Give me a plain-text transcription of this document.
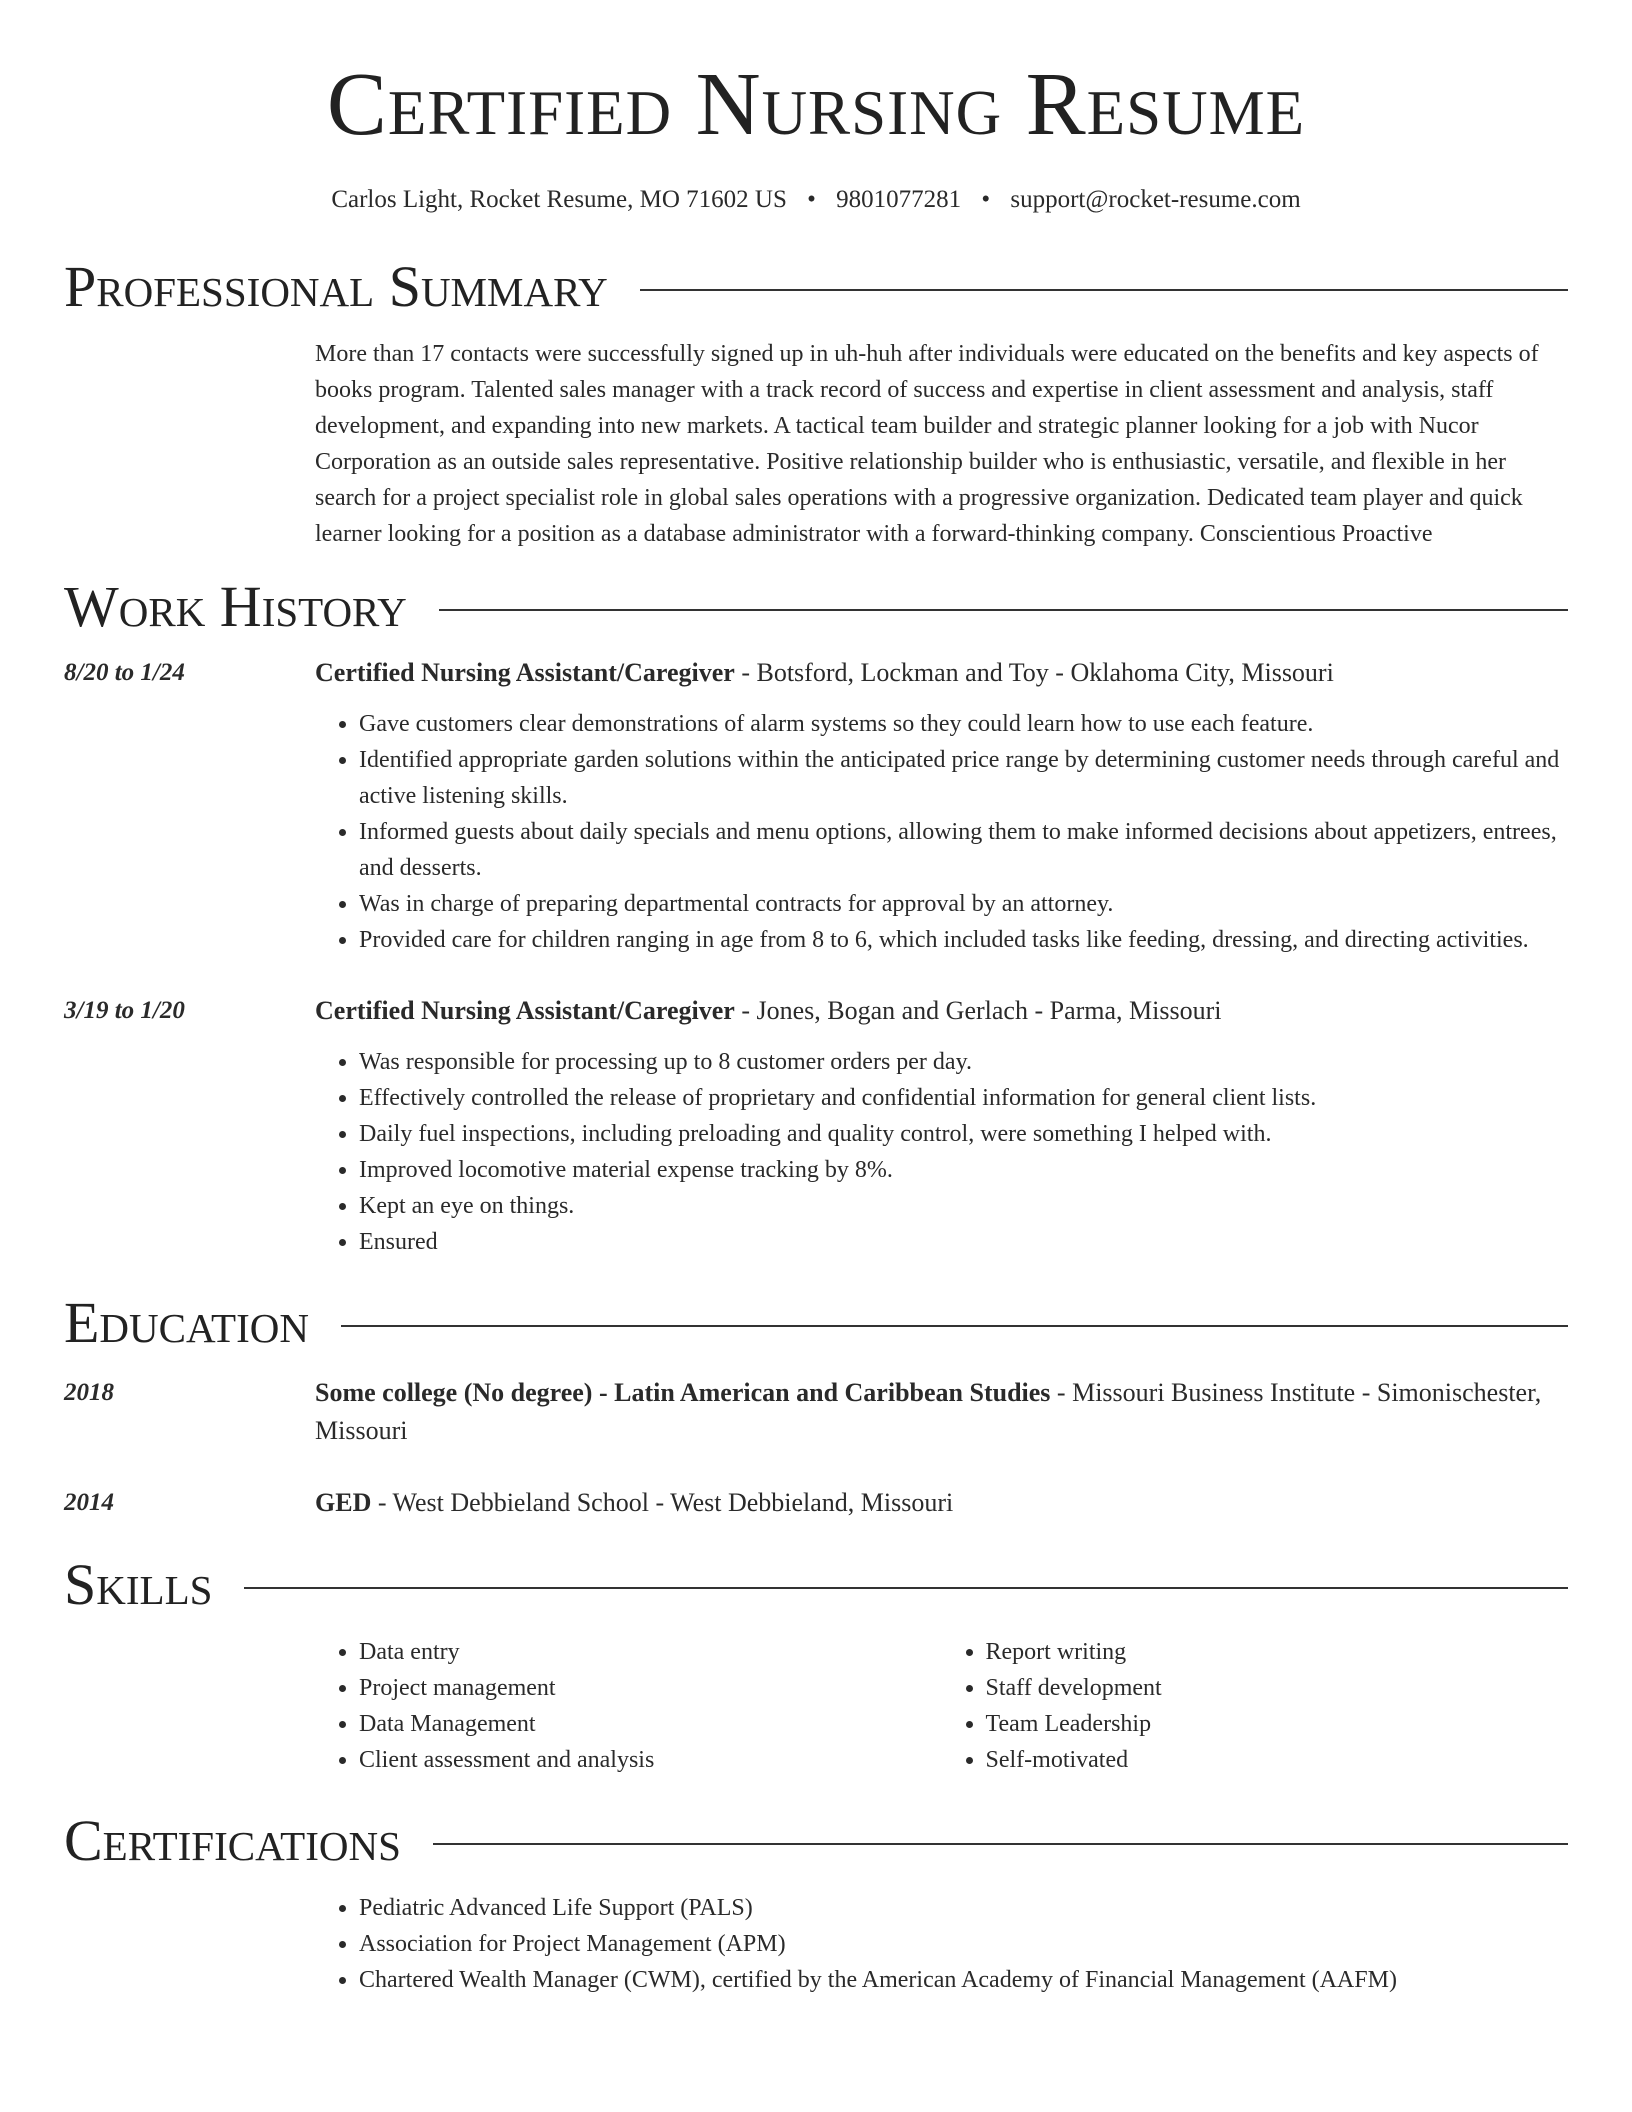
Certified Nursing Resume
Carlos Light, Rocket Resume, MO 71602 US • 9801077281 • support@rocket-resume.com
Professional Summary
More than 17 contacts were successfully signed up in uh-huh after individuals were educated on the benefits and key aspects of books program. Talented sales manager with a track record of success and expertise in client assessment and analysis, staff development, and expanding into new markets. A tactical team builder and strategic planner looking for a job with Nucor Corporation as an outside sales representative. Positive relationship builder who is enthusiastic, versatile, and flexible in her search for a project specialist role in global sales operations with a progressive organization. Dedicated team player and quick learner looking for a position as a database administrator with a forward-thinking company. Conscientious Proactive
Work History
8/20 to 1/24	Certified Nursing Assistant/Caregiver - Botsford, Lockman and Toy - Oklahoma City, Missouri
• Gave customers clear demonstrations of alarm systems so they could learn how to use each feature.
• Identified appropriate garden solutions within the anticipated price range by determining customer needs through careful and active listening skills.
• Informed guests about daily specials and menu options, allowing them to make informed decisions about appetizers, entrees, and desserts.
• Was in charge of preparing departmental contracts for approval by an attorney.
• Provided care for children ranging in age from 8 to 6, which included tasks like feeding, dressing, and directing activities.
3/19 to 1/20	Certified Nursing Assistant/Caregiver - Jones, Bogan and Gerlach - Parma, Missouri
• Was responsible for processing up to 8 customer orders per day.
• Effectively controlled the release of proprietary and confidential information for general client lists.
• Daily fuel inspections, including preloading and quality control, were something I helped with.
• Improved locomotive material expense tracking by 8%.
• Kept an eye on things.
• Ensured
Education
2018	Some college (No degree) - Latin American and Caribbean Studies - Missouri Business Institute - Simonischester, Missouri
2014	GED - West Debbieland School - West Debbieland, Missouri
Skills
• Data entry
• Project management
• Data Management
• Client assessment and analysis
• Report writing
• Staff development
• Team Leadership
• Self-motivated
Certifications
• Pediatric Advanced Life Support (PALS)
• Association for Project Management (APM)
• Chartered Wealth Manager (CWM), certified by the American Academy of Financial Management (AAFM)
